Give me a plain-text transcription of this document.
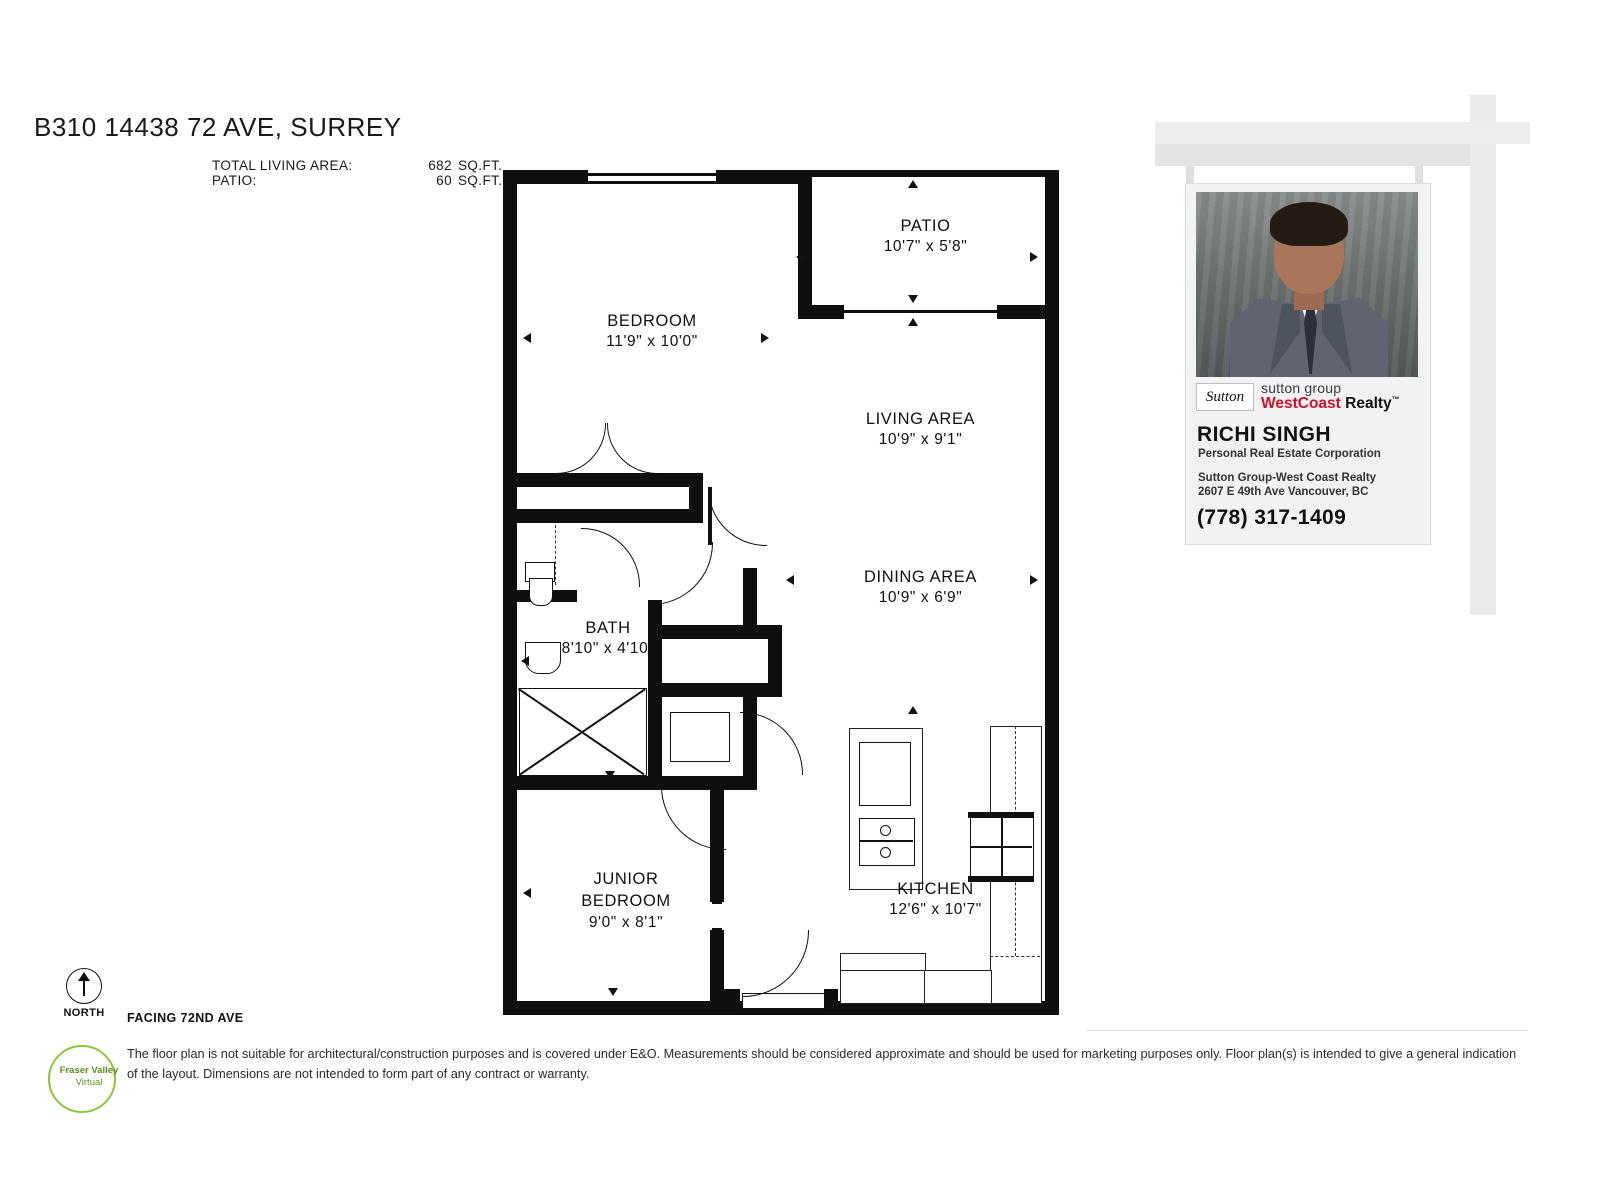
B310 14438 72 AVE, SURREY
TOTAL LIVING AREA:	682 SQ.FT.
PATIO:	60 SQ.FT.
BEDROOM
11'9" x 10'0"
PATIO
10'7" x 5'8"
LIVING AREA
10'9" x 9'1"
DINING AREA
10'9" x 6'9"
BATH
8'10" x 4'10"
JUNIOR
BEDROOM
9'0" x 8'1"
KITCHEN
12'6" x 10'7"
Sutton
sutton group
WestCoast Realty™
RICHI SINGH
Personal Real Estate Corporation
Sutton Group-West Coast Realty
2607 E 49th Ave Vancouver, BC
(778) 317-1409
NORTH FACING 72ND AVE
Fraser Valley
Virtual
The floor plan is not suitable for architectural/construction purposes and is covered under E&O. Measurements should be considered approximate and should be used for marketing purposes only. Floor plan(s) is intended to give a general indication of the layout. Dimensions are not intended to form part of any contract or warranty.
